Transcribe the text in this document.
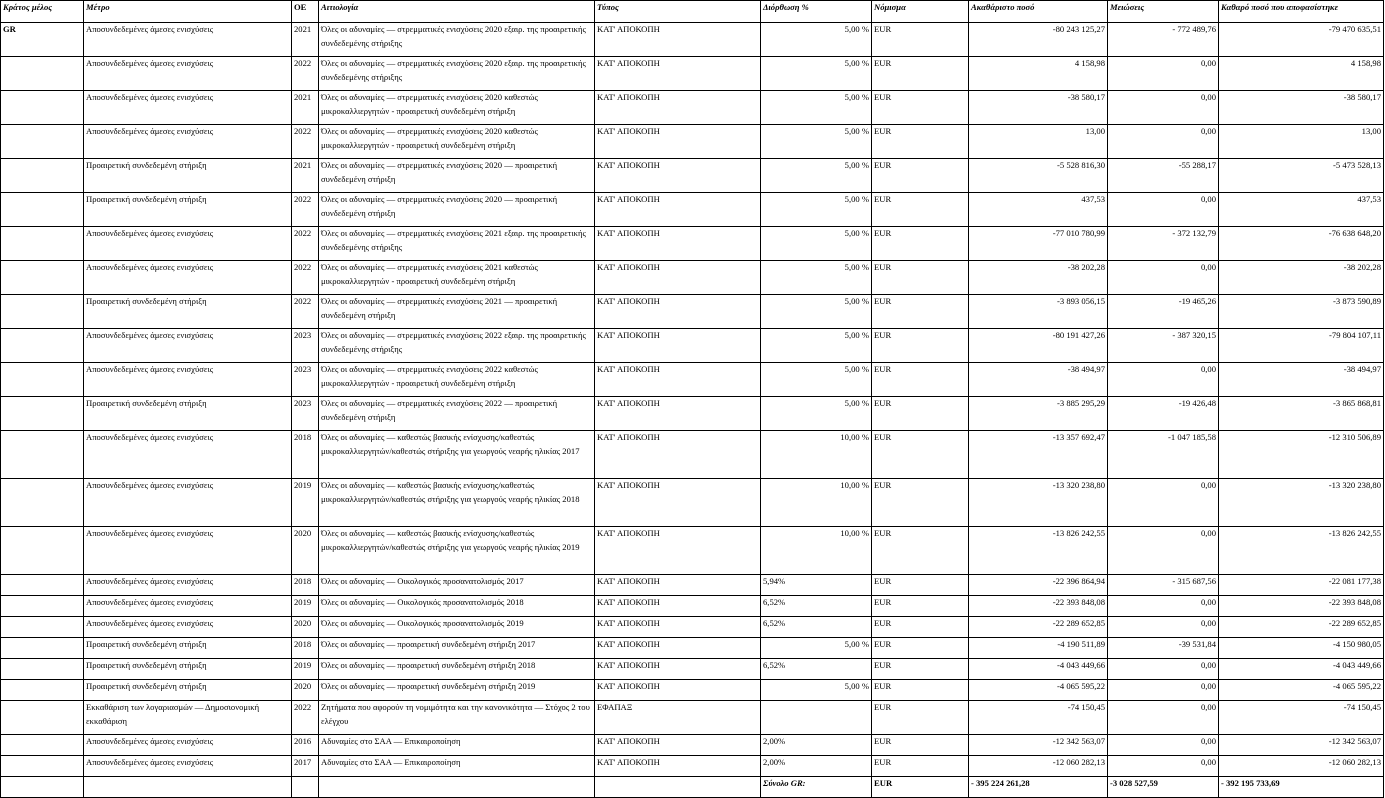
Κράτος μέλος	Μέτρο	ΟΕ	Αιτιολογία	Τύπος	Διόρθωση %	Νόμισμα	Ακαθάριστο ποσό	Μειώσεις	Καθαρό ποσό που αποφασίστηκε
GR	Αποσυνδεδεμένες άμεσες ενισχύσεις	2021	Όλες οι αδυναμίες — στρεμματικές ενισχύσεις 2020 εξαιρ. της προαιρετικής συνδεδεμένης στήριξης	ΚΑΤ' ΑΠΟΚΟΠΗ	5,00 %	EUR	-80 243 125,27	- 772 489,76	-79 470 635,51
	Αποσυνδεδεμένες άμεσες ενισχύσεις	2022	Όλες οι αδυναμίες — στρεμματικές ενισχύσεις 2020 εξαιρ. της προαιρετικής συνδεδεμένης στήριξης	ΚΑΤ' ΑΠΟΚΟΠΗ	5,00 %	EUR	4 158,98	0,00	4 158,98
	Αποσυνδεδεμένες άμεσες ενισχύσεις	2021	Όλες οι αδυναμίες — στρεμματικές ενισχύσεις 2020 καθεστώς μικροκαλλιεργητών - προαιρετική συνδεδεμένη στήριξη	ΚΑΤ' ΑΠΟΚΟΠΗ	5,00 %	EUR	-38 580,17	0,00	-38 580,17
	Αποσυνδεδεμένες άμεσες ενισχύσεις	2022	Όλες οι αδυναμίες — στρεμματικές ενισχύσεις 2020 καθεστώς μικροκαλλιεργητών - προαιρετική συνδεδεμένη στήριξη	ΚΑΤ' ΑΠΟΚΟΠΗ	5,00 %	EUR	13,00	0,00	13,00
	Προαιρετική συνδεδεμένη στήριξη	2021	Όλες οι αδυναμίες — στρεμματικές ενισχύσεις 2020 — προαιρετική συνδεδεμένη στήριξη	ΚΑΤ' ΑΠΟΚΟΠΗ	5,00 %	EUR	-5 528 816,30	-55 288,17	-5 473 528,13
	Προαιρετική συνδεδεμένη στήριξη	2022	Όλες οι αδυναμίες — στρεμματικές ενισχύσεις 2020 — προαιρετική συνδεδεμένη στήριξη	ΚΑΤ' ΑΠΟΚΟΠΗ	5,00 %	EUR	437,53	0,00	437,53
	Αποσυνδεδεμένες άμεσες ενισχύσεις	2022	Όλες οι αδυναμίες — στρεμματικές ενισχύσεις 2021 εξαιρ. της προαιρετικής συνδεδεμένης στήριξης	ΚΑΤ' ΑΠΟΚΟΠΗ	5,00 %	EUR	-77 010 780,99	- 372 132,79	-76 638 648,20
	Αποσυνδεδεμένες άμεσες ενισχύσεις	2022	Όλες οι αδυναμίες — στρεμματικές ενισχύσεις 2021 καθεστώς μικροκαλλιεργητών - προαιρετική συνδεδεμένη στήριξη	ΚΑΤ' ΑΠΟΚΟΠΗ	5,00 %	EUR	-38 202,28	0,00	-38 202,28
	Προαιρετική συνδεδεμένη στήριξη	2022	Όλες οι αδυναμίες — στρεμματικές ενισχύσεις 2021 — προαιρετική συνδεδεμένη στήριξη	ΚΑΤ' ΑΠΟΚΟΠΗ	5,00 %	EUR	-3 893 056,15	-19 465,26	-3 873 590,89
	Αποσυνδεδεμένες άμεσες ενισχύσεις	2023	Όλες οι αδυναμίες — στρεμματικές ενισχύσεις 2022 εξαιρ. της προαιρετικής συνδεδεμένης στήριξης	ΚΑΤ' ΑΠΟΚΟΠΗ	5,00 %	EUR	-80 191 427,26	- 387 320,15	-79 804 107,11
	Αποσυνδεδεμένες άμεσες ενισχύσεις	2023	Όλες οι αδυναμίες — στρεμματικές ενισχύσεις 2022 καθεστώς μικροκαλλιεργητών - προαιρετική συνδεδεμένη στήριξη	ΚΑΤ' ΑΠΟΚΟΠΗ	5,00 %	EUR	-38 494,97	0,00	-38 494,97
	Προαιρετική συνδεδεμένη στήριξη	2023	Όλες οι αδυναμίες — στρεμματικές ενισχύσεις 2022 — προαιρετική συνδεδεμένη στήριξη	ΚΑΤ' ΑΠΟΚΟΠΗ	5,00 %	EUR	-3 885 295,29	-19 426,48	-3 865 868,81
	Αποσυνδεδεμένες άμεσες ενισχύσεις	2018	Όλες οι αδυναμίες — καθεστώς βασικής ενίσχυσης/καθεστώς μικροκαλλιεργητών/καθεστώς στήριξης για γεωργούς νεαρής ηλικίας 2017	ΚΑΤ' ΑΠΟΚΟΠΗ	10,00 %	EUR	-13 357 692,47	-1 047 185,58	-12 310 506,89
	Αποσυνδεδεμένες άμεσες ενισχύσεις	2019	Όλες οι αδυναμίες — καθεστώς βασικής ενίσχυσης/καθεστώς μικροκαλλιεργητών/καθεστώς στήριξης για γεωργούς νεαρής ηλικίας 2018	ΚΑΤ' ΑΠΟΚΟΠΗ	10,00 %	EUR	-13 320 238,80	0,00	-13 320 238,80
	Αποσυνδεδεμένες άμεσες ενισχύσεις	2020	Όλες οι αδυναμίες — καθεστώς βασικής ενίσχυσης/καθεστώς μικροκαλλιεργητών/καθεστώς στήριξης για γεωργούς νεαρής ηλικίας 2019	ΚΑΤ' ΑΠΟΚΟΠΗ	10,00 %	EUR	-13 826 242,55	0,00	-13 826 242,55
	Αποσυνδεδεμένες άμεσες ενισχύσεις	2018	Όλες οι αδυναμίες — Οικολογικός προσανατολισμός 2017	ΚΑΤ' ΑΠΟΚΟΠΗ	5,94%	EUR	-22 396 864,94	- 315 687,56	-22 081 177,38
	Αποσυνδεδεμένες άμεσες ενισχύσεις	2019	Όλες οι αδυναμίες — Οικολογικός προσανατολισμός 2018	ΚΑΤ' ΑΠΟΚΟΠΗ	6,52%	EUR	-22 393 848,08	0,00	-22 393 848,08
	Αποσυνδεδεμένες άμεσες ενισχύσεις	2020	Όλες οι αδυναμίες — Οικολογικός προσανατολισμός 2019	ΚΑΤ' ΑΠΟΚΟΠΗ	6,52%	EUR	-22 289 652,85	0,00	-22 289 652,85
	Προαιρετική συνδεδεμένη στήριξη	2018	Όλες οι αδυναμίες — προαιρετική συνδεδεμένη στήριξη 2017	ΚΑΤ' ΑΠΟΚΟΠΗ	5,00 %	EUR	-4 190 511,89	-39 531,84	-4 150 980,05
	Προαιρετική συνδεδεμένη στήριξη	2019	Όλες οι αδυναμίες — προαιρετική συνδεδεμένη στήριξη 2018	ΚΑΤ' ΑΠΟΚΟΠΗ	6,52%	EUR	-4 043 449,66	0,00	-4 043 449,66
	Προαιρετική συνδεδεμένη στήριξη	2020	Όλες οι αδυναμίες — προαιρετική συνδεδεμένη στήριξη 2019	ΚΑΤ' ΑΠΟΚΟΠΗ	5,00 %	EUR	-4 065 595,22	0,00	-4 065 595,22
	Εκκαθάριση των λογαριασμών — Δημοσιονομική εκκαθάριση	2022	Ζητήματα που αφορούν τη νομιμότητα και την κανονικότητα — Στόχος 2 του ελέγχου	ΕΦΑΠΑΞ		EUR	-74 150,45	0,00	-74 150,45
	Αποσυνδεδεμένες άμεσες ενισχύσεις	2016	Αδυναμίες στο ΣΑΑ — Επικαιροποίηση	ΚΑΤ' ΑΠΟΚΟΠΗ	2,00%	EUR	-12 342 563,07	0,00	-12 342 563,07
	Αποσυνδεδεμένες άμεσες ενισχύσεις	2017	Αδυναμίες στο ΣΑΑ — Επικαιροποίηση	ΚΑΤ' ΑΠΟΚΟΠΗ	2,00%	EUR	-12 060 282,13	0,00	-12 060 282,13
					Σύνολο GR:	EUR	- 395 224 261,28	-3 028 527,59	- 392 195 733,69
